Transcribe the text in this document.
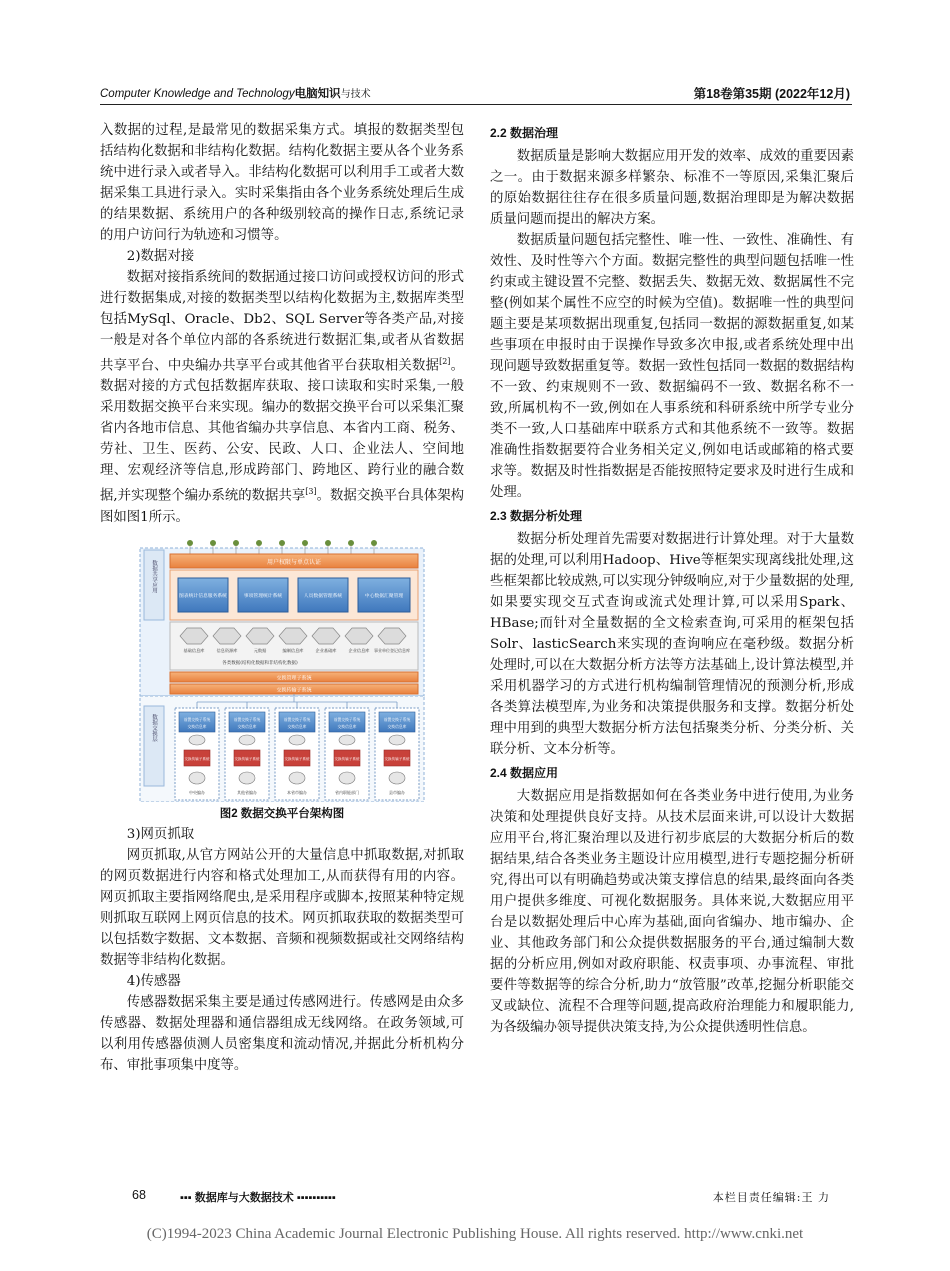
Computer Knowledge and Technology电脑知识与技术	第18卷第35期 (2022年12月)

入数据的过程,是最常见的数据采集方式。填报的数据类型包括结构化数据和非结构化数据。结构化数据主要从各个业务系统中进行录入或者导入。非结构化数据可以利用手工或者大数据采集工具进行录入。实时采集指由各个业务系统处理后生成的结果数据、系统用户的各种级别较高的操作日志,系统记录的用户访问行为轨迹和习惯等。

2)数据对接

数据对接指系统间的数据通过接口访问或授权访问的形式进行数据集成,对接的数据类型以结构化数据为主,数据库类型包括MySql、Oracle、Db2、SQL Server等各类产品,对接一般是对各个单位内部的各系统进行数据汇集,或者从省数据共享平台、中央编办共享平台或其他省平台获取相关数据[2]。数据对接的方式包括数据库获取、接口读取和实时采集,一般采用数据交换平台来实现。编办的数据交换平台可以采集汇聚省内各地市信息、其他省编办共享信息、本省内工商、税务、劳社、卫生、医药、公安、民政、人口、企业法人、空间地理、宏观经济等信息,形成跨部门、跨地区、跨行业的融合数据,并实现整个编办系统的数据共享[3]。数据交换平台具体架构图如图1所示。

数据共享应用
数据交换层
用户权限与单点认证
图表统计信息服务系统	事项管理统计系统	人员数据管理系统	中心数据汇聚管理
基础信息库	信息资源库	元数据	编制信息库	企业基础库	企业信息库 事业单位登记信息库
各类数据(结构化数据和非结构化数据)
交换管理子系统
交换传输子系统
前置交换子系统	前置交换子系统	前置交换子系统	前置交换子系统	前置交换子系统
交换信息库	交换信息库	交换信息库	交换信息库	交换信息库
交换传输子系统	交换传输子系统	交换传输子系统	交换传输子系统	交换传输子系统
中央编办	其他省编办	本省市编办	省内职能部门	县市编办
图2 数据交换平台架构图

3)网页抓取

网页抓取,从官方网站公开的大量信息中抓取数据,对抓取的网页数据进行内容和格式处理加工,从而获得有用的内容。网页抓取主要指网络爬虫,是采用程序或脚本,按照某种特定规则抓取互联网上网页信息的技术。网页抓取获取的数据类型可以包括数字数据、文本数据、音频和视频数据或社交网络结构数据等非结构化数据。

4)传感器

传感器数据采集主要是通过传感网进行。传感网是由众多传感器、数据处理器和通信器组成无线网络。在政务领域,可以利用传感器侦测人员密集度和流动情况,并据此分析机构分布、审批事项集中度等。

2.2 数据治理

数据质量是影响大数据应用开发的效率、成效的重要因素之一。由于数据来源多样繁杂、标准不一等原因,采集汇聚后的原始数据往往存在很多质量问题,数据治理即是为解决数据质量问题而提出的解决方案。

数据质量问题包括完整性、唯一性、一致性、准确性、有效性、及时性等六个方面。数据完整性的典型问题包括唯一性约束或主键设置不完整、数据丢失、数据无效、数据属性不完整(例如某个属性不应空的时候为空值)。数据唯一性的典型问题主要是某项数据出现重复,包括同一数据的源数据重复,如某些事项在申报时由于误操作导致多次申报,或者系统处理中出现问题导致数据重复等。数据一致性包括同一数据的数据结构不一致、约束规则不一致、数据编码不一致、数据名称不一致,所属机构不一致,例如在人事系统和科研系统中所学专业分类不一致,人口基础库中联系方式和其他系统不一致等。数据准确性指数据要符合业务相关定义,例如电话或邮箱的格式要求等。数据及时性指数据是否能按照特定要求及时进行生成和处理。

2.3 数据分析处理

数据分析处理首先需要对数据进行计算处理。对于大量数据的处理,可以利用Hadoop、Hive等框架实现离线批处理,这些框架都比较成熟,可以实现分钟级响应,对于少量数据的处理,如果要实现交互式查询或流式处理计算,可以采用Spark、HBase;而针对全量数据的全文检索查询,可采用的框架包括Solr、lasticSearch来实现的查询响应在毫秒级。数据分析处理时,可以在大数据分析方法等方法基础上,设计算法模型,并采用机器学习的方式进行机构编制管理情况的预测分析,形成各类算法模型库,为业务和决策提供服务和支撑。数据分析处理中用到的典型大数据分析方法包括聚类分析、分类分析、关联分析、文本分析等。

2.4 数据应用

大数据应用是指数据如何在各类业务中进行使用,为业务决策和处理提供良好支持。从技术层面来讲,可以设计大数据应用平台,将汇聚治理以及进行初步底层的大数据分析后的数据结果,结合各类业务主题设计应用模型,进行专题挖掘分析研究,得出可以有明确趋势或决策支撑信息的结果,最终面向各类用户提供多维度、可视化数据服务。具体来说,大数据应用平台是以数据处理后中心库为基础,面向省编办、地市编办、企业、其他政务部门和公众提供数据服务的平台,通过编制大数据的分析应用,例如对政府职能、权责事项、办事流程、审批要件等数据等的综合分析,助力“放管服”改革,挖掘分析职能交叉或缺位、流程不合理等问题,提高政府治理能力和履职能力,为各级编办领导提供决策支持,为公众提供透明性信息。

68	▪▪▪ 数据库与大数据技术 ▪▪▪▪▪▪▪▪▪▪	本栏目责任编辑:王 力
(C)1994-2023 China Academic Journal Electronic Publishing House. All rights reserved. http://www.cnki.net
